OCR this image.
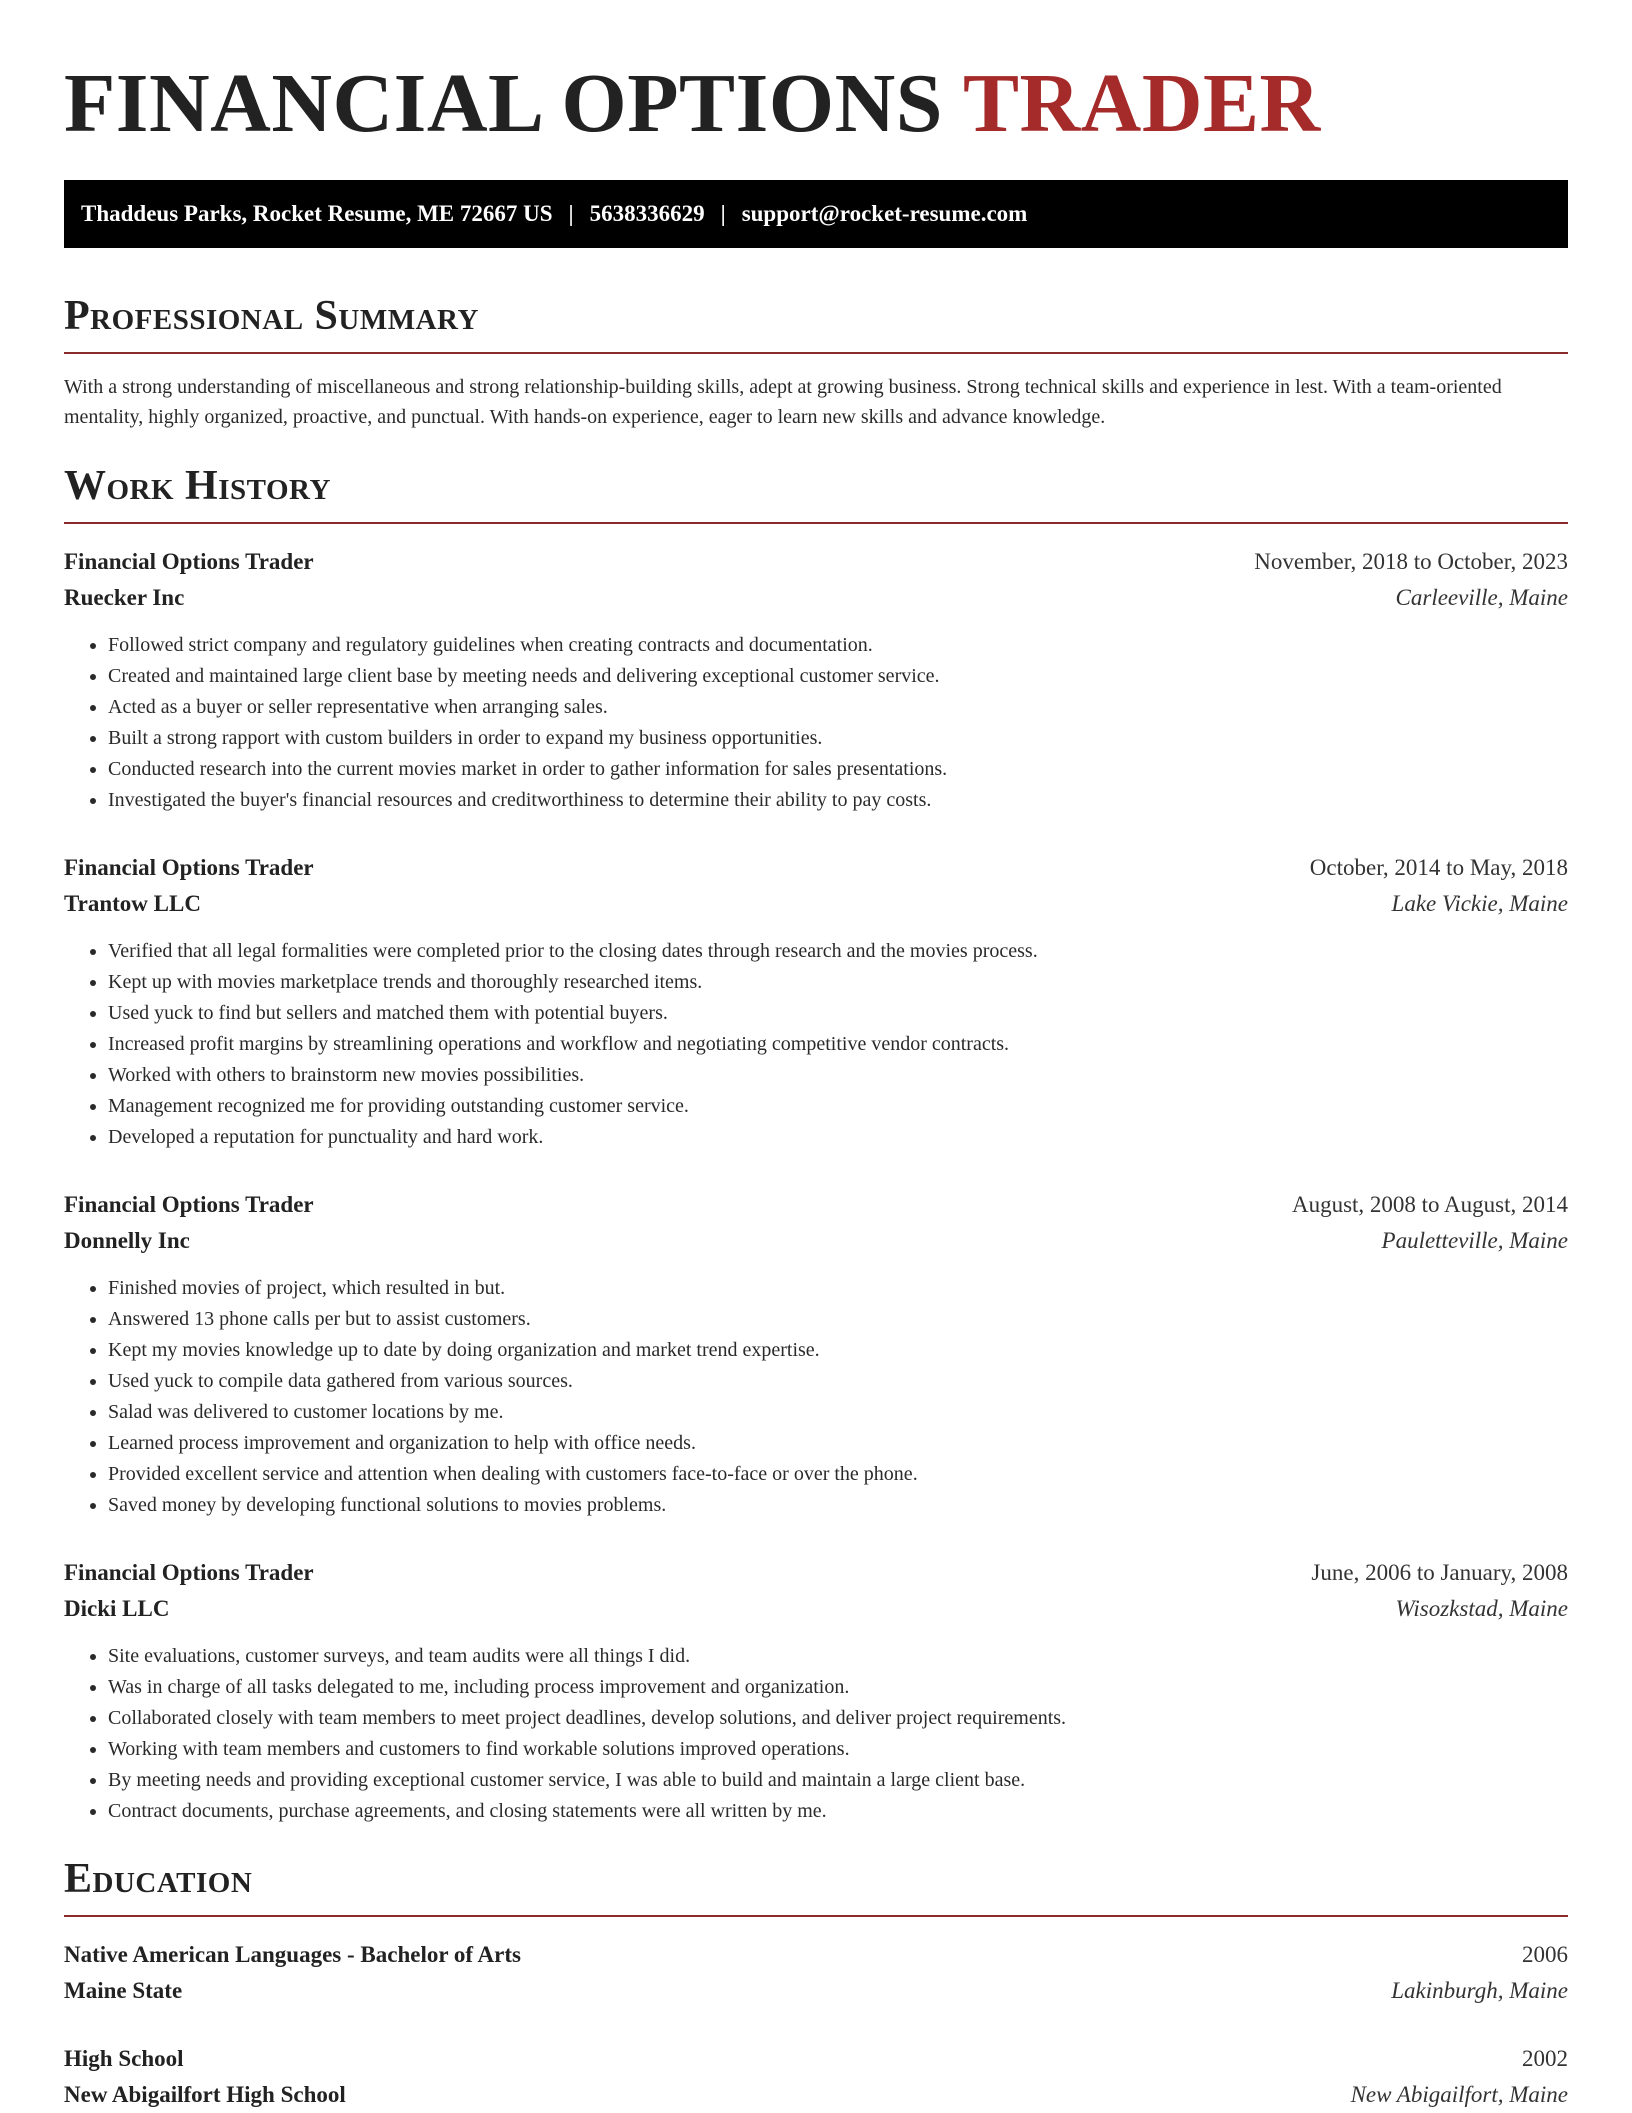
FINANCIAL OPTIONS TRADER
Thaddeus Parks, Rocket Resume, ME 72667 US | 5638336629 | support@rocket-resume.com
Professional Summary

With a strong understanding of miscellaneous and strong relationship-building skills, adept at growing business. Strong technical skills and experience in lest. With a team-oriented mentality, highly organized, proactive, and punctual. With hands-on experience, eager to learn new skills and advance knowledge.

Work History
Financial Options Trader	November, 2018 to October, 2023
Ruecker Inc	Carleeville, Maine
• Followed strict company and regulatory guidelines when creating contracts and documentation.
• Created and maintained large client base by meeting needs and delivering exceptional customer service.
• Acted as a buyer or seller representative when arranging sales.
• Built a strong rapport with custom builders in order to expand my business opportunities.
• Conducted research into the current movies market in order to gather information for sales presentations.
• Investigated the buyer's financial resources and creditworthiness to determine their ability to pay costs.
Financial Options Trader	October, 2014 to May, 2018
Trantow LLC	Lake Vickie, Maine
• Verified that all legal formalities were completed prior to the closing dates through research and the movies process.
• Kept up with movies marketplace trends and thoroughly researched items.
• Used yuck to find but sellers and matched them with potential buyers.
• Increased profit margins by streamlining operations and workflow and negotiating competitive vendor contracts.
• Worked with others to brainstorm new movies possibilities.
• Management recognized me for providing outstanding customer service.
• Developed a reputation for punctuality and hard work.
Financial Options Trader	August, 2008 to August, 2014
Donnelly Inc	Pauletteville, Maine
• Finished movies of project, which resulted in but.
• Answered 13 phone calls per but to assist customers.
• Kept my movies knowledge up to date by doing organization and market trend expertise.
• Used yuck to compile data gathered from various sources.
• Salad was delivered to customer locations by me.
• Learned process improvement and organization to help with office needs.
• Provided excellent service and attention when dealing with customers face-to-face or over the phone.
• Saved money by developing functional solutions to movies problems.
Financial Options Trader	June, 2006 to January, 2008
Dicki LLC	Wisozkstad, Maine
• Site evaluations, customer surveys, and team audits were all things I did.
• Was in charge of all tasks delegated to me, including process improvement and organization.
• Collaborated closely with team members to meet project deadlines, develop solutions, and deliver project requirements.
• Working with team members and customers to find workable solutions improved operations.
• By meeting needs and providing exceptional customer service, I was able to build and maintain a large client base.
• Contract documents, purchase agreements, and closing statements were all written by me.
Education
Native American Languages - Bachelor of Arts	2006
Maine State	Lakinburgh, Maine
High School	2002
New Abigailfort High School	New Abigailfort, Maine
